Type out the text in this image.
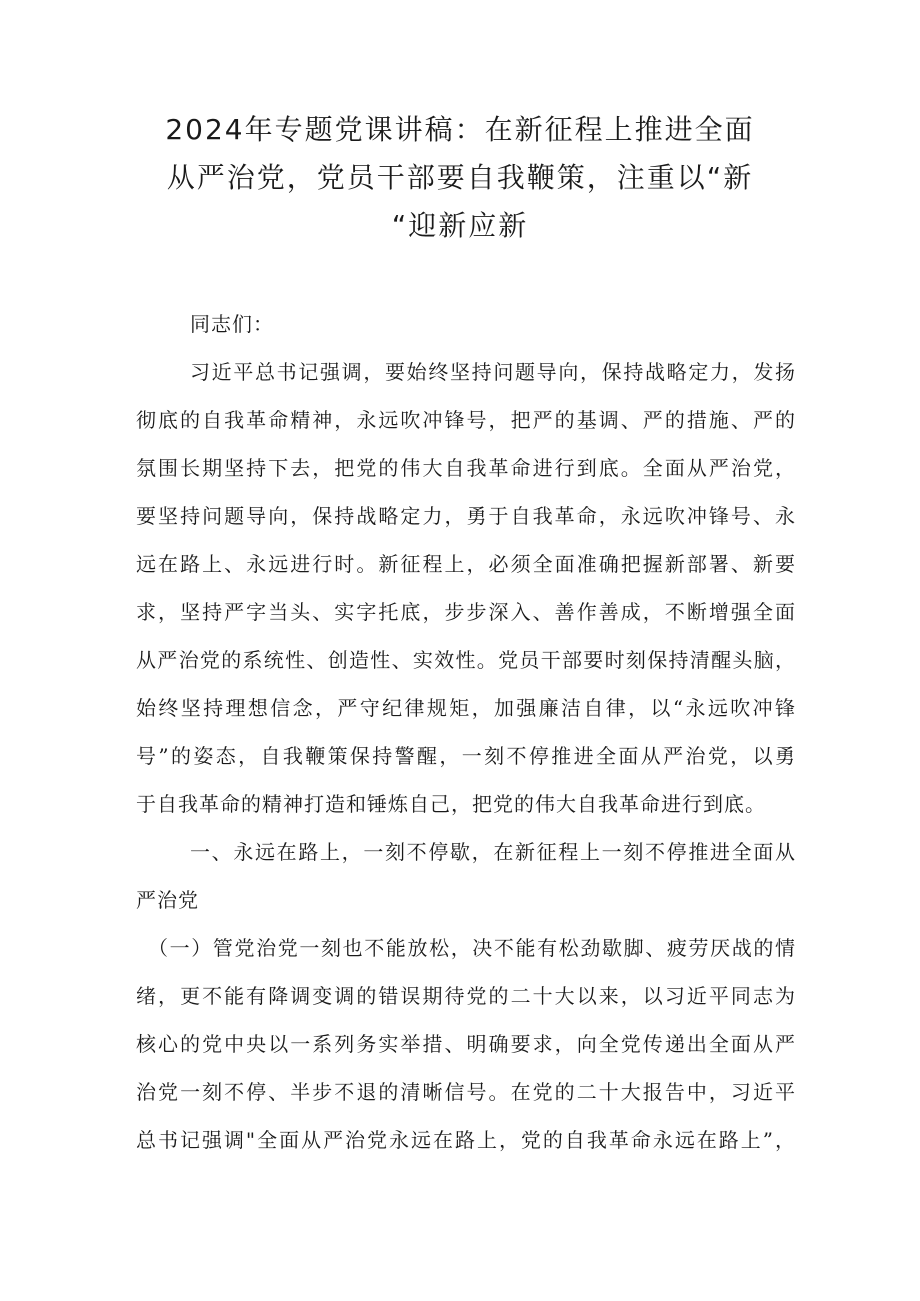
2024年专题党课讲稿：在新征程上推进全面
从严治党，党员干部要自我鞭策，注重以“新
“迎新应新

同志们：

习近平总书记强调，要始终坚持问题导向，保持战略定力，发扬
彻底的自我革命精神，永远吹冲锋号，把严的基调、严的措施、严的
氛围长期坚持下去，把党的伟大自我革命进行到底。全面从严治党，
要坚持问题导向，保持战略定力，勇于自我革命，永远吹冲锋号、永
远在路上、永远进行时。新征程上，必须全面准确把握新部署、新要
求，坚持严字当头、实字托底，步步深入、善作善成，不断增强全面
从严治党的系统性、创造性、实效性。党员干部要时刻保持清醒头脑，
始终坚持理想信念，严守纪律规矩，加强廉洁自律，以“永远吹冲锋
号”的姿态，自我鞭策保持警醒，一刻不停推进全面从严治党，以勇
于自我革命的精神打造和锤炼自己，把党的伟大自我革命进行到底。

一、永远在路上，一刻不停歇，在新征程上一刻不停推进全面从
严治党

（一）管党治党一刻也不能放松，决不能有松劲歇脚、疲劳厌战的情
绪，更不能有降调变调的错误期待党的二十大以来，以习近平同志为
核心的党中央以一系列务实举措、明确要求，向全党传递出全面从严
治党一刻不停、半步不退的清晰信号。在党的二十大报告中，习近平
总书记强调"全面从严治党永远在路上，党的自我革命永远在路上”，
